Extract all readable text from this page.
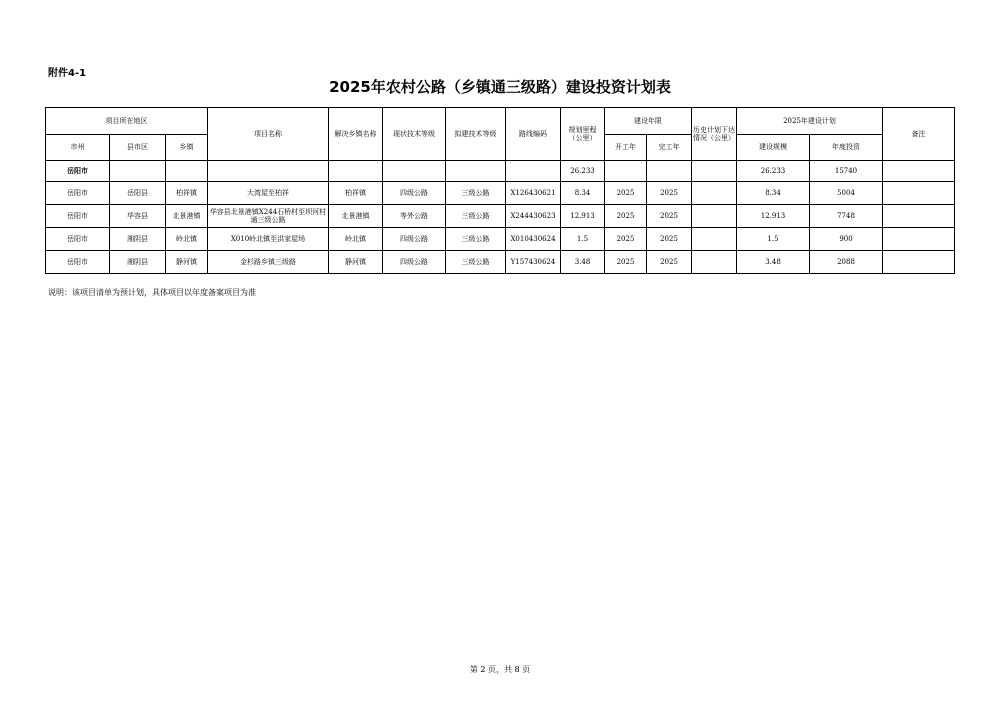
附件4-1
2025年农村公路（乡镇通三级路）建设投资计划表
项目所在地区			项目名称	解决乡镇名称	现状技术等级	拟建技术等级	路线编码	规划里程（公里）	建设年限		历史计划下达情况（公里）	2025年建设计划		备注
市州	县市区	乡镇							开工年	完工年		建设规模	年度投资	
岳阳市								26.233				26.233	15740	
岳阳市	岳阳县	柏祥镇	大湾屋至柏祥	柏祥镇	四级公路	三级公路	X126430621	8.34	2025	2025		8.34	5004	
岳阳市	华容县	北景港镇	华容县北景港镇X244石桥村至坝河村通三级公路	北景港镇	等外公路	三级公路	X244430623	12.913	2025	2025		12.913	7748	
岳阳市	湘阴县	岭北镇	X010岭北镇至洪家屋场	岭北镇	四级公路	三级公路	X010430624	1.5	2025	2025		1.5	900	
岳阳市	湘阴县	静河镇	金杉路乡镇三级路	静河镇	四级公路	三级公路	Y157430624	3.48	2025	2025		3.48	2088	
说明：该项目清单为预计划，具体项目以年度备案项目为准
第 2 页，共 8 页
